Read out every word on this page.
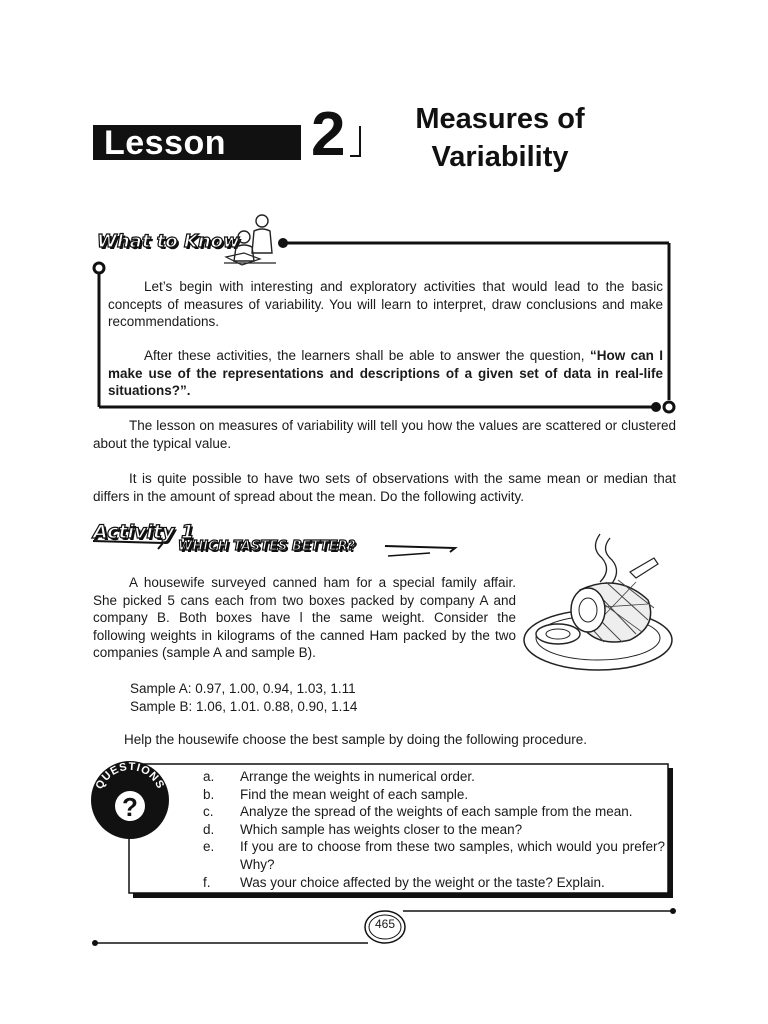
Lesson 2	Measures of
Variability
What to Know
Let’s begin with interesting and exploratory activities that would lead to the basic concepts of measures of variability. You will learn to interpret, draw conclusions and make recommendations.
After these activities, the learners shall be able to answer the question, “How can I make use of the representations and descriptions of a given set of data in real-life situations?”.
The lesson on measures of variability will tell you how the values are scattered or clustered about the typical value.
It is quite possible to have two sets of observations with the same mean or median that differs in the amount of spread about the mean. Do the following activity.
Activity 1
WHICH TASTES BETTER?
A housewife surveyed canned ham for a special family affair. She picked 5 cans each from two boxes packed by company A and company B. Both boxes have l the same weight. Consider the following weights in kilograms of the canned Ham packed by the two companies (sample A and sample B).
Sample A: 0.97, 1.00, 0.94, 1.03, 1.11
Sample B: 1.06, 1.01. 0.88, 0.90, 1.14
Help the housewife choose the best sample by doing the following procedure.
QUESTIONS
?
a.	Arrange the weights in numerical order.
b.	Find the mean weight of each sample.
c.	Analyze the spread of the weights of each sample from the mean.
d.	Which sample has weights closer to the mean?
e.	If you are to choose from these two samples, which would you prefer? Why?
f.	Was your choice affected by the weight or the taste? Explain.
465
